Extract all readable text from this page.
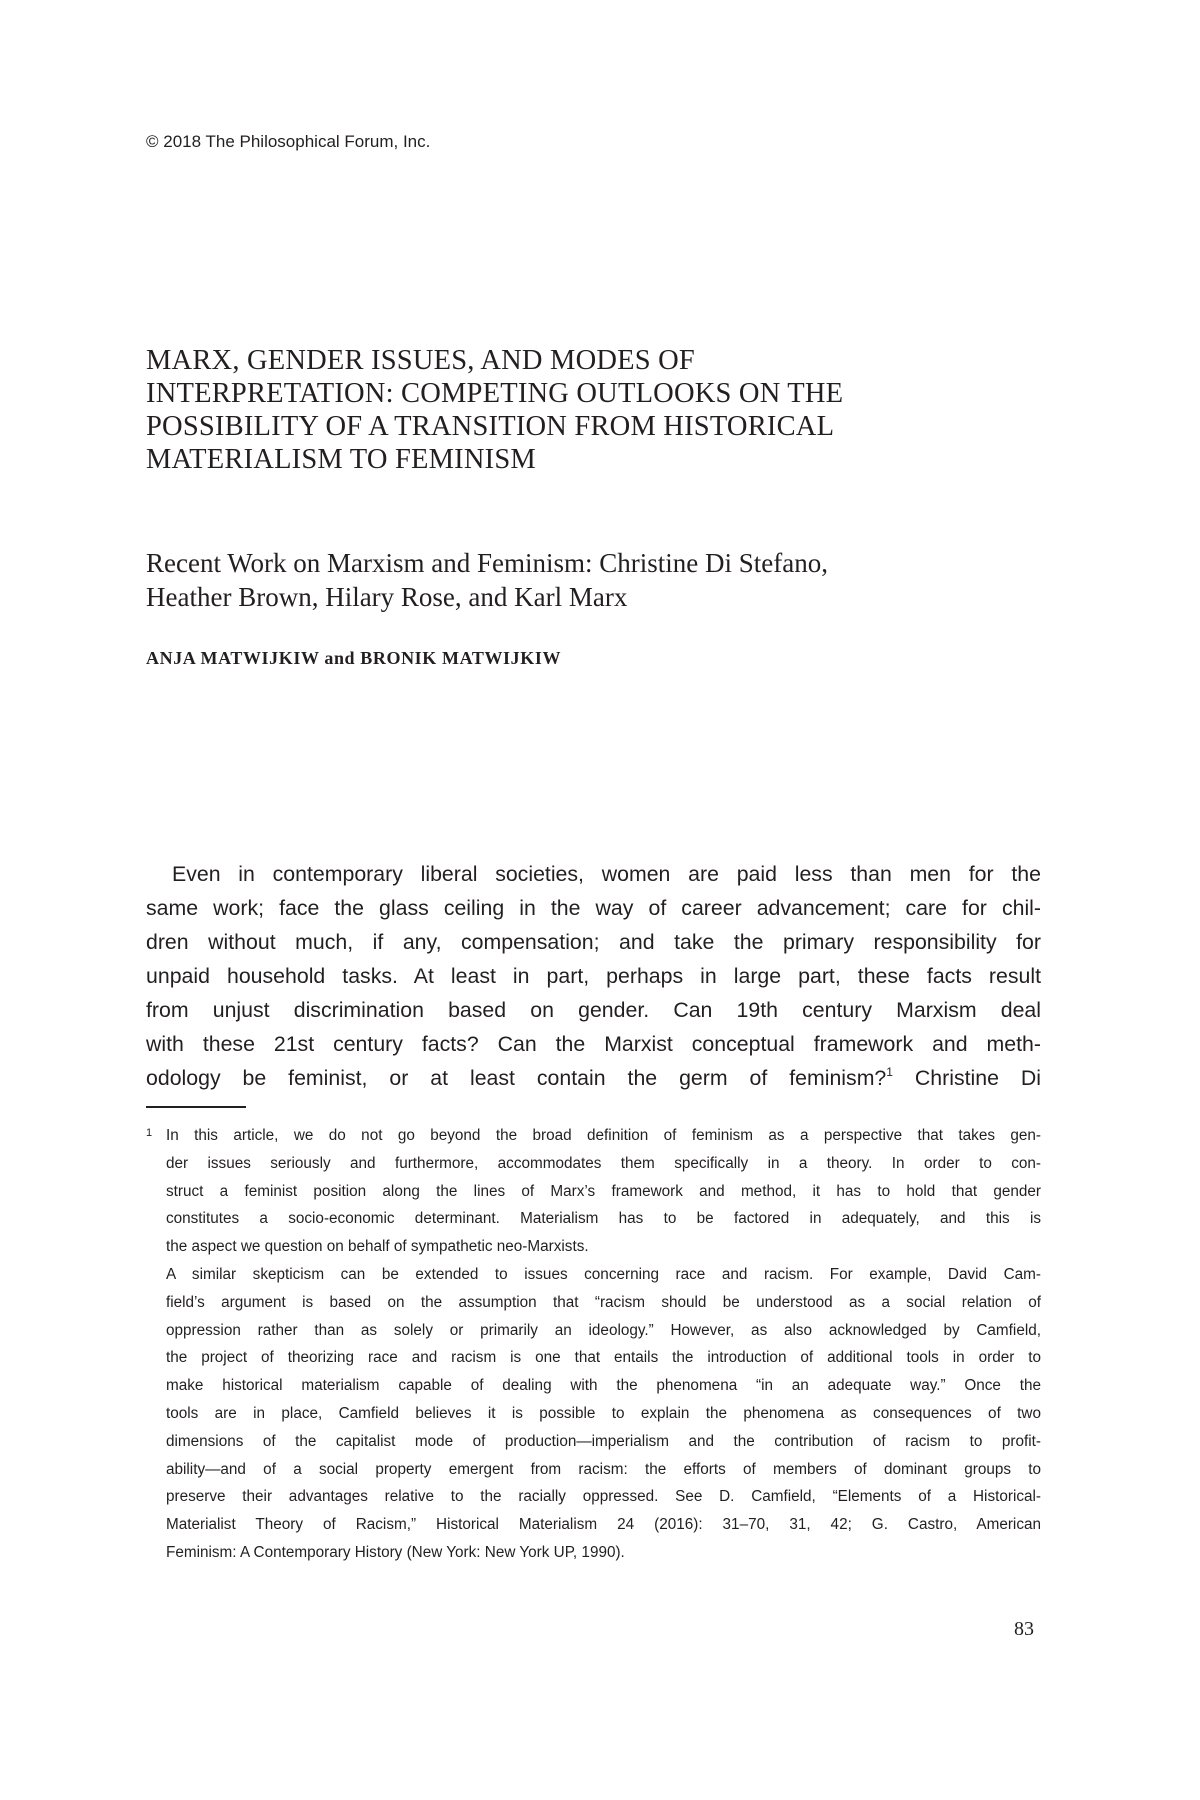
© 2018 The Philosophical Forum, Inc.
MARX, GENDER ISSUES, AND MODES OF
INTERPRETATION: COMPETING OUTLOOKS ON THE
POSSIBILITY OF A TRANSITION FROM HISTORICAL
MATERIALISM TO FEMINISM
Recent Work on Marxism and Feminism: Christine Di Stefano,
Heather Brown, Hilary Rose, and Karl Marx
ANJA MATWIJKIW and BRONIK MATWIJKIW
Even in contemporary liberal societies, women are paid less than men for the
same work; face the glass ceiling in the way of career advancement; care for chil-
dren without much, if any, compensation; and take the primary responsibility for
unpaid household tasks. At least in part, perhaps in large part, these facts result
from unjust discrimination based on gender. Can 19th century Marxism deal
with these 21st century facts? Can the Marxist conceptual framework and meth-
odology be feminist, or at least contain the germ of feminism?$^1$ Christine Di
1 In this article, we do not go beyond the broad definition of feminism as a perspective that takes gen-
der issues seriously and furthermore, accommodates them specifically in a theory. In order to con-
struct a feminist position along the lines of Marx’s framework and method, it has to hold that gender
constitutes a socio-economic determinant. Materialism has to be factored in adequately, and this is
the aspect we question on behalf of sympathetic neo-Marxists.
A similar skepticism can be extended to issues concerning race and racism. For example, David Cam-
field’s argument is based on the assumption that “racism should be understood as a social relation of
oppression rather than as solely or primarily an ideology.” However, as also acknowledged by Camfield,
the project of theorizing race and racism is one that entails the introduction of additional tools in order to
make historical materialism capable of dealing with the phenomena “in an adequate way.” Once the
tools are in place, Camfield believes it is possible to explain the phenomena as consequences of two
dimensions of the capitalist mode of production—imperialism and the contribution of racism to profit-
ability—and of a social property emergent from racism: the efforts of members of dominant groups to
preserve their advantages relative to the racially oppressed. See D. Camfield, “Elements of a Historical-
Materialist Theory of Racism,” Historical Materialism 24 (2016): 31–70, 31, 42; G. Castro, American
Feminism: A Contemporary History (New York: New York UP, 1990).
83
